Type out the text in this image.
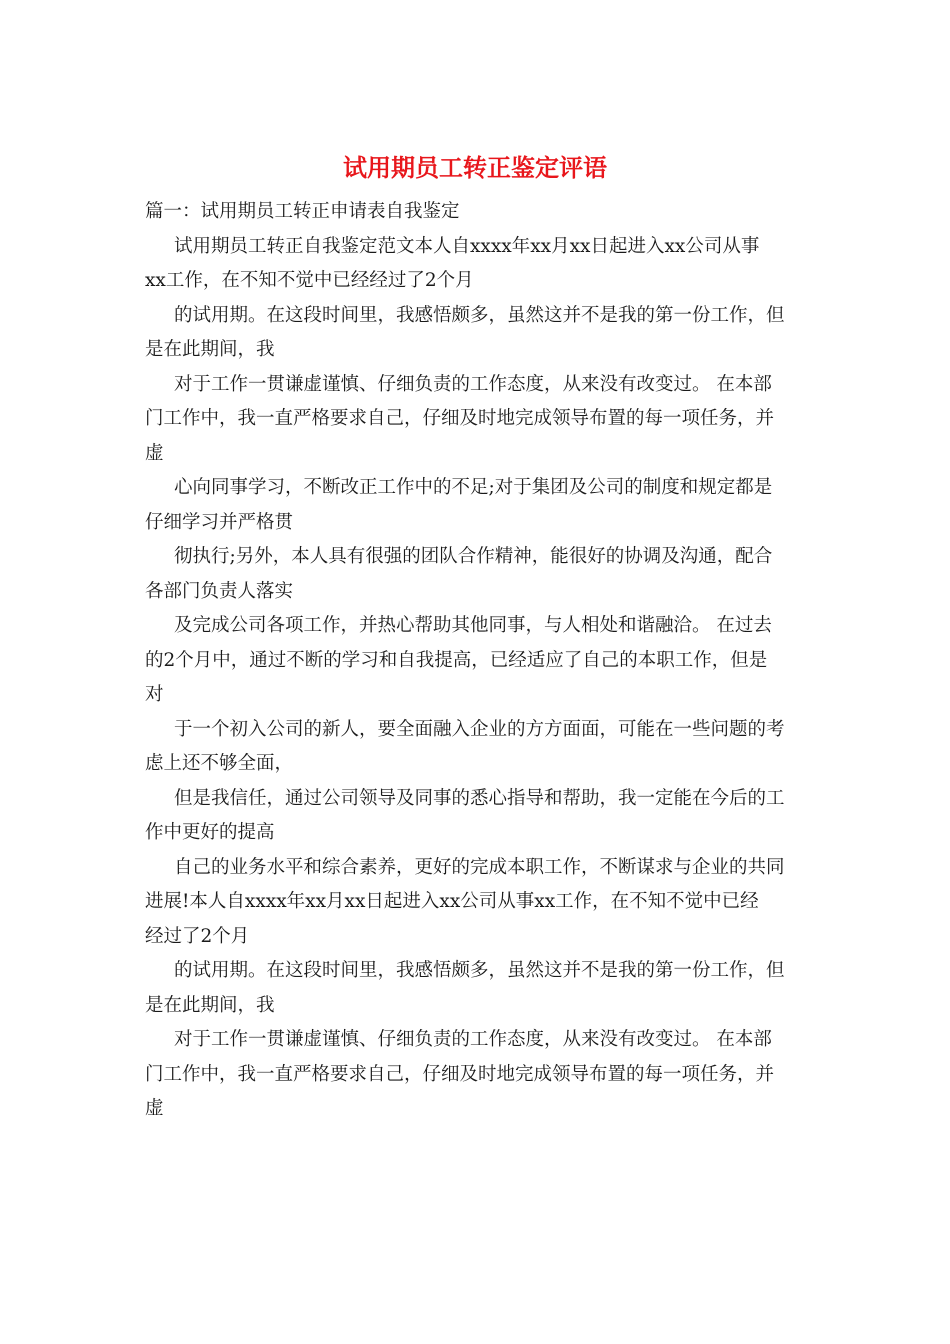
试用期员工转正鉴定评语
篇一：试用期员工转正申请表自我鉴定
试用期员工转正自我鉴定范文本人自xxxx年xx月xx日起进入xx公司从事
xx工作，在不知不觉中已经经过了2个月
的试用期。在这段时间里，我感悟颇多，虽然这并不是我的第一份工作，但
是在此期间，我
对于工作一贯谦虚谨慎、仔细负责的工作态度，从来没有改变过。 在本部
门工作中，我一直严格要求自己，仔细及时地完成领导布置的每一项任务，并
虚
心向同事学习，不断改正工作中的不足;对于集团及公司的制度和规定都是
仔细学习并严格贯
彻执行;另外，本人具有很强的团队合作精神，能很好的协调及沟通，配合
各部门负责人落实
及完成公司各项工作，并热心帮助其他同事，与人相处和谐融洽。 在过去
的2个月中，通过不断的学习和自我提高，已经适应了自己的本职工作，但是
对
于一个初入公司的新人，要全面融入企业的方方面面，可能在一些问题的考
虑上还不够全面，
但是我信任，通过公司领导及同事的悉心指导和帮助，我一定能在今后的工
作中更好的提高
自己的业务水平和综合素养，更好的完成本职工作，不断谋求与企业的共同
进展!本人自xxxx年xx月xx日起进入xx公司从事xx工作，在不知不觉中已经
经过了2个月
的试用期。在这段时间里，我感悟颇多，虽然这并不是我的第一份工作，但
是在此期间，我
对于工作一贯谦虚谨慎、仔细负责的工作态度，从来没有改变过。 在本部
门工作中，我一直严格要求自己，仔细及时地完成领导布置的每一项任务，并
虚
